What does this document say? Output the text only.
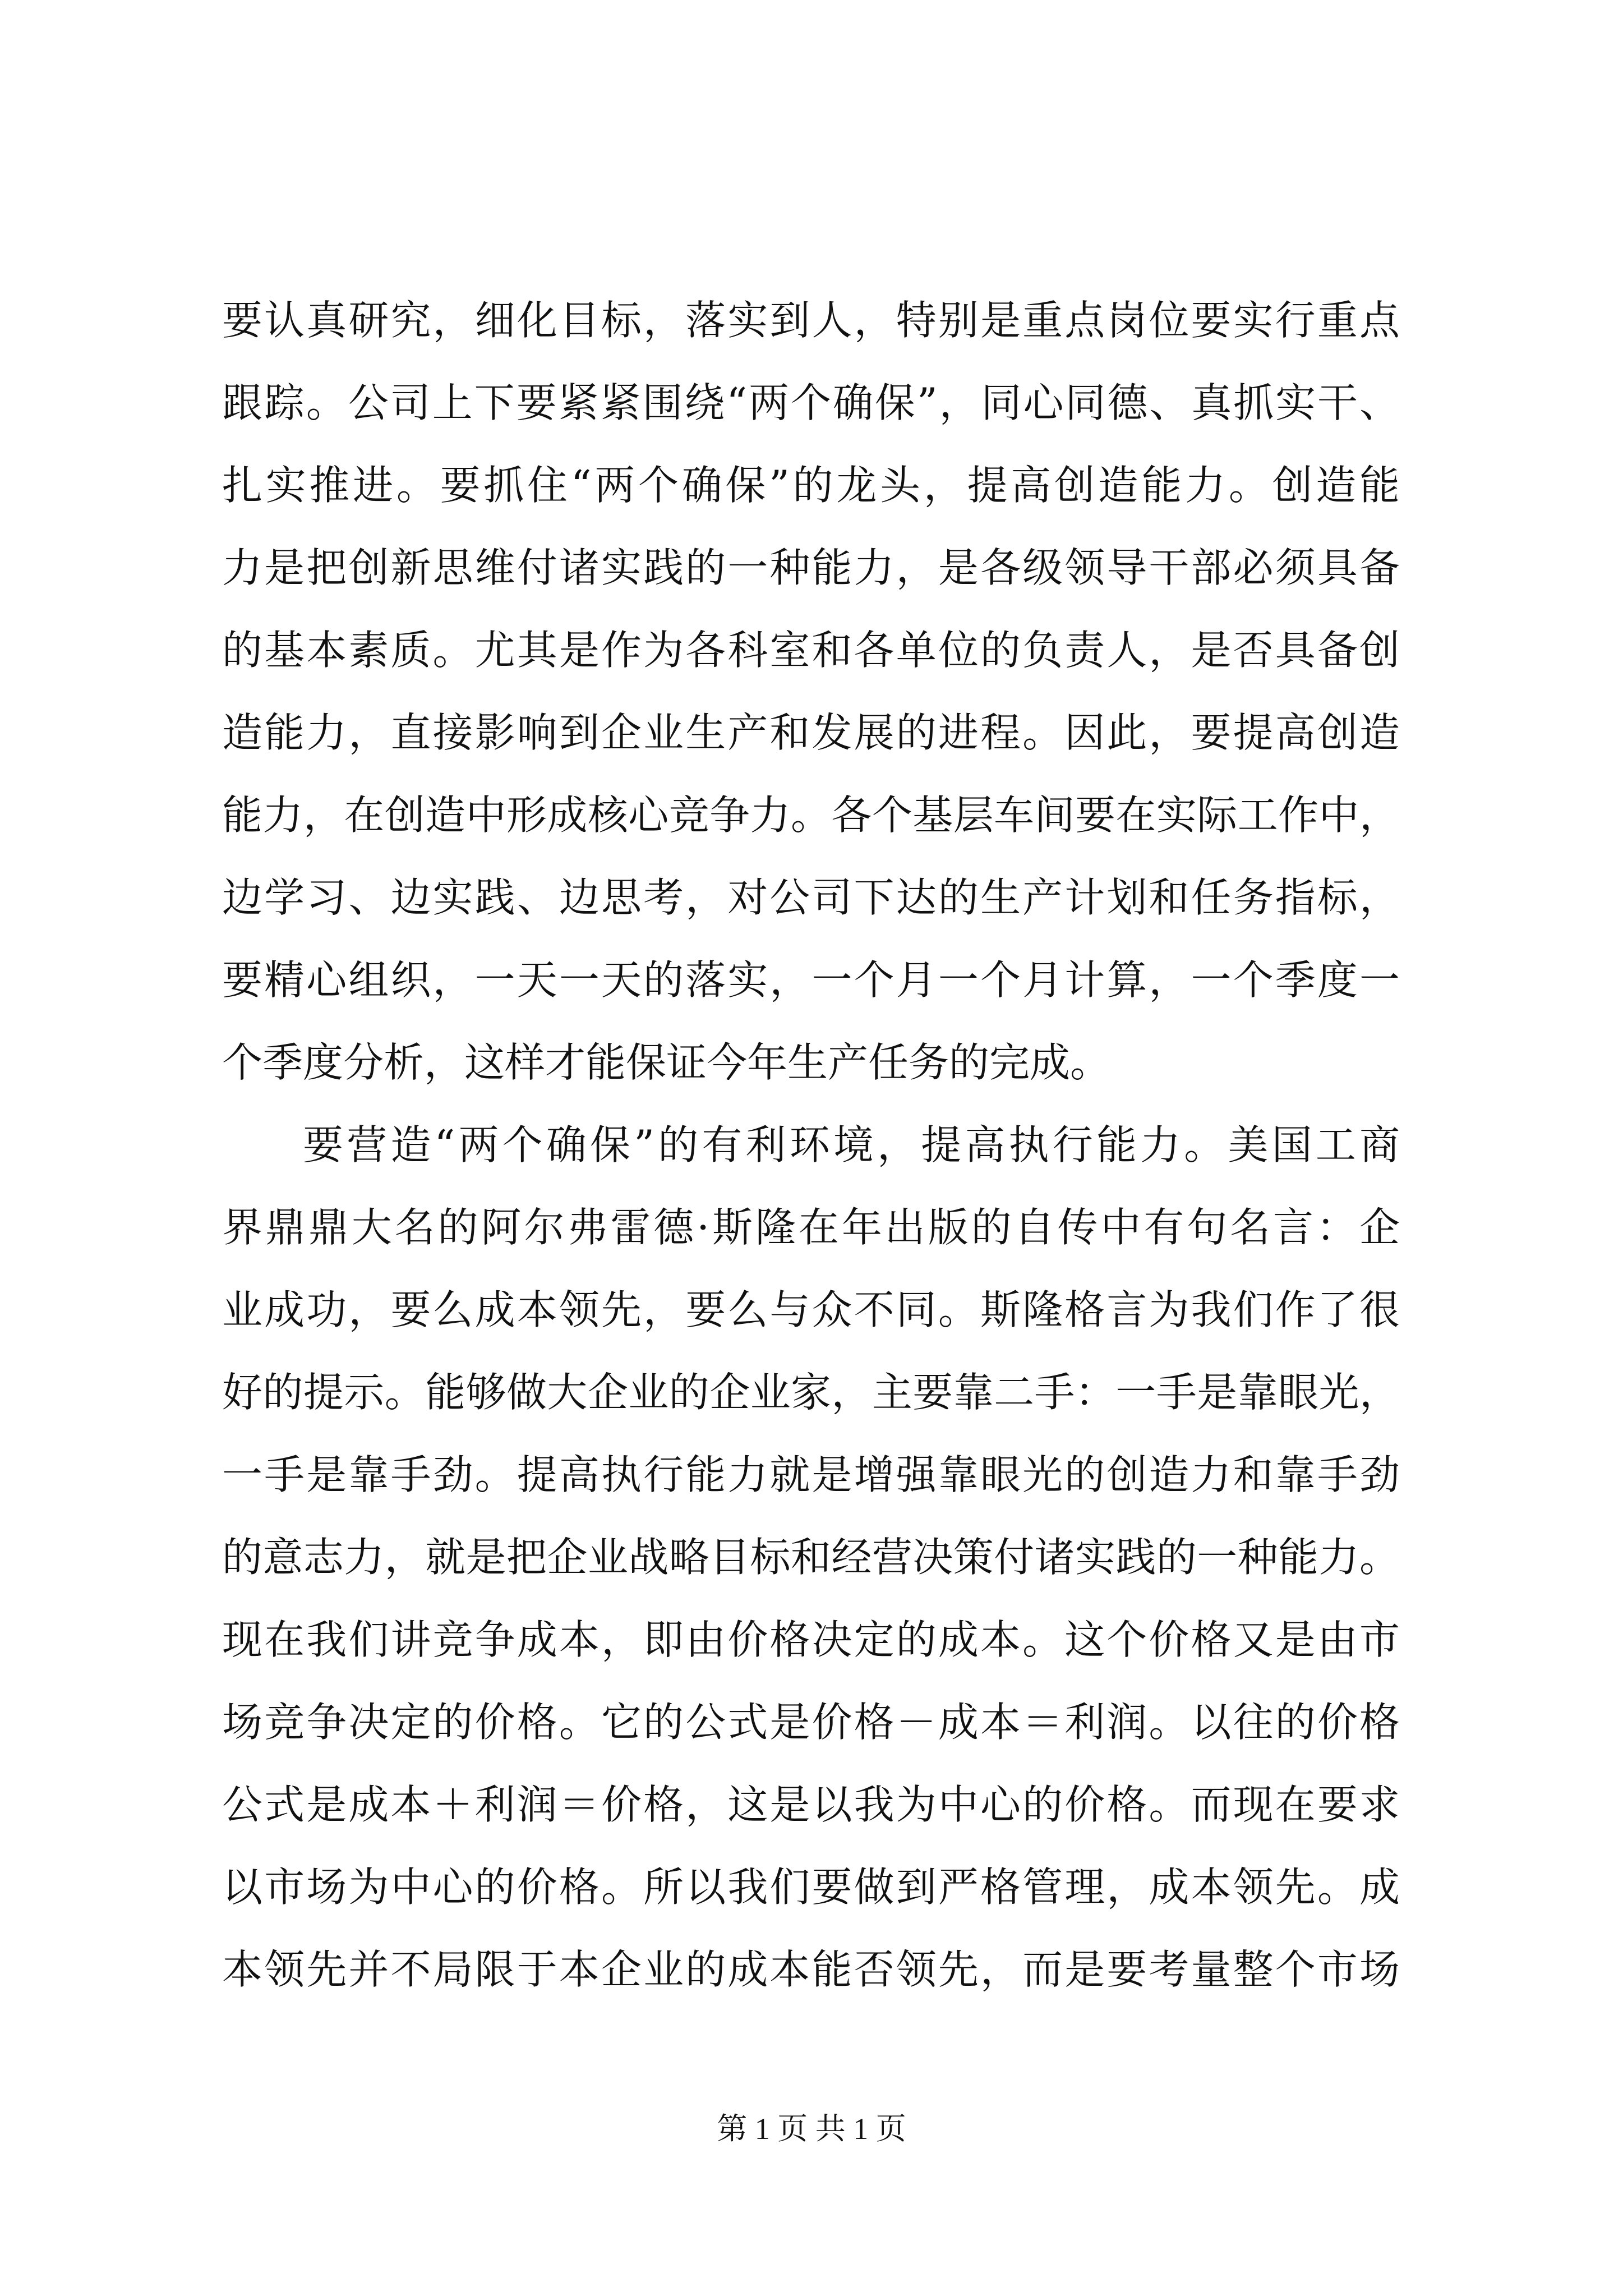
要认真研究，细化目标，落实到人，特别是重点岗位要实行重点
跟踪。公司上下要紧紧围绕“两个确保”，同心同德、真抓实干、
扎实推进。要抓住“两个确保”的龙头，提高创造能力。创造能
力是把创新思维付诸实践的一种能力，是各级领导干部必须具备
的基本素质。尤其是作为各科室和各单位的负责人，是否具备创
造能力，直接影响到企业生产和发展的进程。因此，要提高创造
能力，在创造中形成核心竞争力。各个基层车间要在实际工作中，
边学习、边实践、边思考，对公司下达的生产计划和任务指标，
要精心组织，一天一天的落实，一个月一个月计算，一个季度一
个季度分析，这样才能保证今年生产任务的完成。
要营造“两个确保”的有利环境，提高执行能力。美国工商
界鼎鼎大名的阿尔弗雷德·斯隆在年出版的自传中有句名言：企
业成功，要么成本领先，要么与众不同。斯隆格言为我们作了很
好的提示。能够做大企业的企业家，主要靠二手：一手是靠眼光，
一手是靠手劲。提高执行能力就是增强靠眼光的创造力和靠手劲
的意志力，就是把企业战略目标和经营决策付诸实践的一种能力。
现在我们讲竞争成本，即由价格决定的成本。这个价格又是由市
场竞争决定的价格。它的公式是价格－成本＝利润。以往的价格
公式是成本＋利润＝价格，这是以我为中心的价格。而现在要求
以市场为中心的价格。所以我们要做到严格管理，成本领先。成
本领先并不局限于本企业的成本能否领先，而是要考量整个市场
第 1 页 共 1 页
